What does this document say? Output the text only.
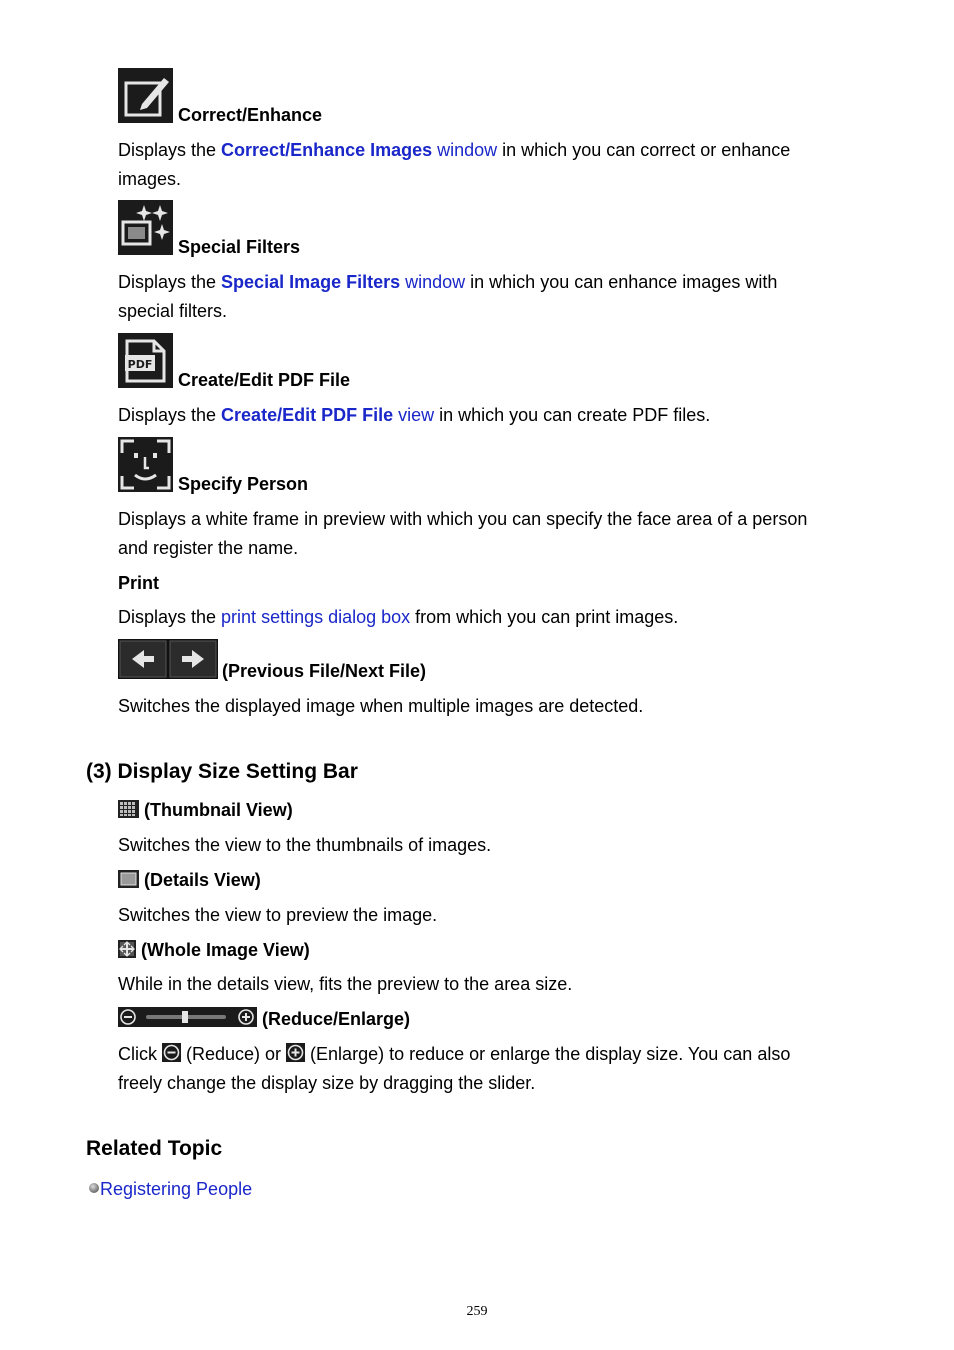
Correct/Enhance
Displays the Correct/Enhance Images window in which you can correct or enhance
images.
Special Filters
Displays the Special Image Filters window in which you can enhance images with
special filters.
PDF
Create/Edit PDF File
Displays the Create/Edit PDF File view in which you can create PDF files.
Specify Person
Displays a white frame in preview with which you can specify the face area of a person
and register the name.
Print
Displays the print settings dialog box from which you can print images.
(Previous File/Next File)
Switches the displayed image when multiple images are detected.
(3) Display Size Setting Bar
(Thumbnail View)
Switches the view to the thumbnails of images.
(Details View)
Switches the view to preview the image.
(Whole Image View)
While in the details view, fits the preview to the area size.
(Reduce/Enlarge)
Click  (Reduce) or  (Enlarge) to reduce or enlarge the display size. You can also
freely change the display size by dragging the slider.
Related Topic
Registering People
259
